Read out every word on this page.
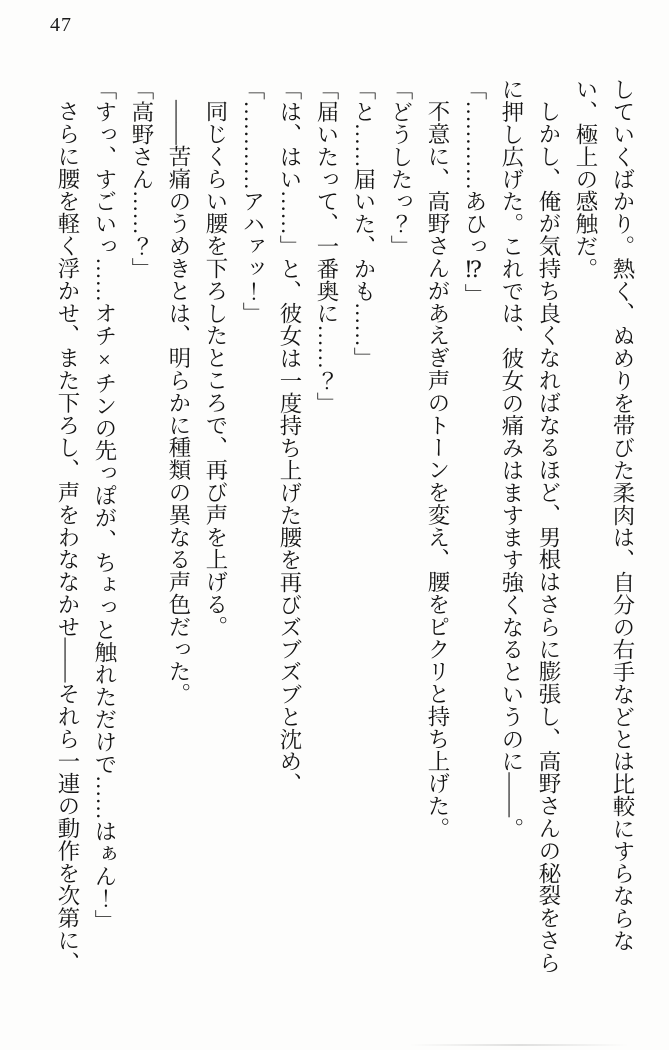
47

していくばかり。熱く、ぬめりを帯びた柔肉は、自分の右手などとは比較にすらならない、極上の感触だ。

しかし、俺が気持ち良くなればなるほど、男根はさらに膨張し、高野さんの秘裂をさらに押し広げた。これでは、彼女の痛みはますます強くなるというのに――。

「…………あひっ⁉」

不意に、高野さんがあえぎ声のトーンを変え、腰をピクリと持ち上げた。

「どうしたっ？」

「と……届いた、かも……」

「届いたって、一番奥に……？」

「は、はい……」と、彼女は一度持ち上げた腰を再びズブズブと沈め、

「…………アハァッ！」

同じくらい腰を下ろしたところで、再び声を上げる。

――苦痛のうめきとは、明らかに種類の異なる声色だった。

「高野さん……？」

「すっ、すごいっ……オチ×チンの先っぽが、ちょっと触れただけで……はぁん！」

さらに腰を軽く浮かせ、また下ろし、声をわななかせ――それら一連の動作を次第に、
